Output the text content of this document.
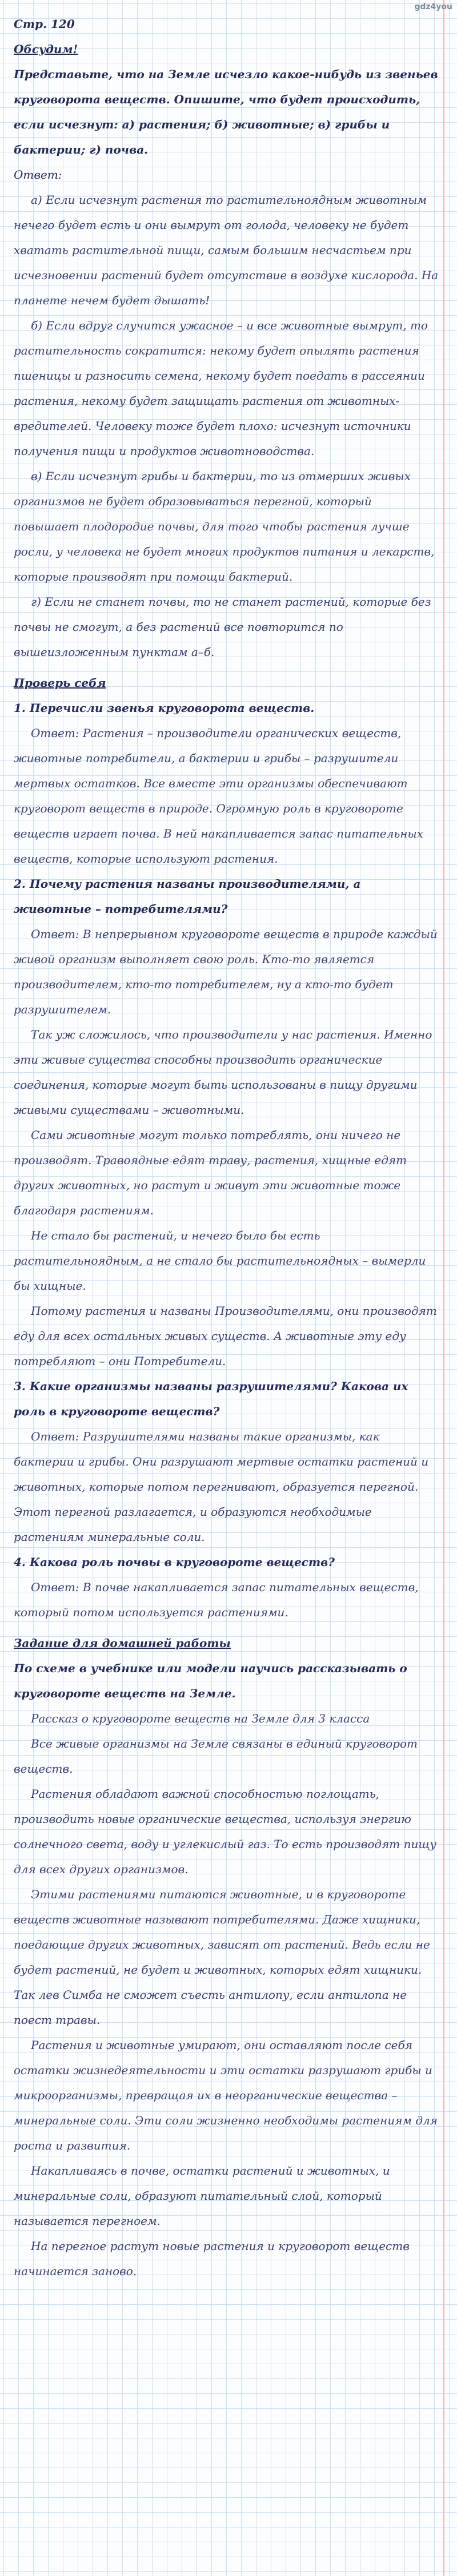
gdz4you

Стр. 120

Обсудим!

Представьте, что на Земле исчезло какое-нибудь из звеньев круговорота веществ. Опишите, что будет происходить, если исчезнут: а) растения; б) животные; в) грибы и бактерии; г) почва.

Ответ:

а) Если исчезнут растения то растительноядным животным нечего будет есть и они вымрут от голода, человеку не будет хватать растительной пищи, самым большим несчастьем при исчезновении растений будет отсутствие в воздухе кислорода. На планете нечем будет дышать!

б) Если вдруг случится ужасное – и все животные вымрут, то растительность сократится: некому будет опылять растения пшеницы и разносить семена, некому будет поедать в рассеянии растения, некому будет защищать растения от животных-вредителей. Человеку тоже будет плохо: исчезнут источники получения пищи и продуктов животноводства.

в) Если исчезнут грибы и бактерии, то из отмерших живых организмов не будет образовываться перегной, который повышает плодородие почвы, для того чтобы растения лучше росли, у человека не будет многих продуктов питания и лекарств, которые производят при помощи бактерий.

г) Если не станет почвы, то не станет растений, которые без почвы не смогут, а без растений все повторится по вышеизложенным пунктам а–б.

Проверь себя

1. Перечисли звенья круговорота веществ.

Ответ: Растения – производители органических веществ, животные потребители, а бактерии и грибы – разрушители мертвых остатков. Все вместе эти организмы обеспечивают круговорот веществ в природе. Огромную роль в круговороте веществ играет почва. В ней накапливается запас питательных веществ, которые используют растения.

2. Почему растения названы производителями, а животные – потребителями?

Ответ: В непрерывном круговороте веществ в природе каждый живой организм выполняет свою роль. Кто-то является производителем, кто-то потребителем, ну а кто-то будет разрушителем.

Так уж сложилось, что производители у нас растения. Именно эти живые существа способны производить органические соединения, которые могут быть использованы в пищу другими живыми существами – животными.

Сами животные могут только потреблять, они ничего не производят. Травоядные едят траву, растения, хищные едят других животных, но растут и живут эти животные тоже благодаря растениям.

Не стало бы растений, и нечего было бы есть растительноядным, а не стало бы растительноядных – вымерли бы хищные.

Потому растения и названы Производителями, они производят еду для всех остальных живых существ. А животные эту еду потребляют – они Потребители.

3. Какие организмы названы разрушителями? Какова их роль в круговороте веществ?

Ответ: Разрушителями названы такие организмы, как бактерии и грибы. Они разрушают мертвые остатки растений и животных, которые потом перегнивают, образуется перегной. Этот перегной разлагается, и образуются необходимые растениям минеральные соли.

4. Какова роль почвы в круговороте веществ?

Ответ: В почве накапливается запас питательных веществ, который потом используется растениями.

Задание для домашней работы

По схеме в учебнике или модели научись рассказывать о круговороте веществ на Земле.

Рассказ о круговороте веществ на Земле для 3 класса

Все живые организмы на Земле связаны в единый круговорот веществ.

Растения обладают важной способностью поглощать, производить новые органические вещества, используя энергию солнечного света, воду и углекислый газ. То есть производят пищу для всех других организмов.

Этими растениями питаются животные, и в круговороте веществ животные называют потребителями. Даже хищники, поедающие других животных, зависят от растений. Ведь если не будет растений, не будет и животных, которых едят хищники. Так лев Симба не сможет съесть антилопу, если антилопа не поест травы.

Растения и животные умирают, они оставляют после себя остатки жизнедеятельности и эти остатки разрушают грибы и микроорганизмы, превращая их в неорганические вещества – минеральные соли. Эти соли жизненно необходимы растениям для роста и развития.

Накапливаясь в почве, остатки растений и животных, и минеральные соли, образуют питательный слой, который называется перегноем.

На перегное растут новые растения и круговорот веществ начинается заново.
